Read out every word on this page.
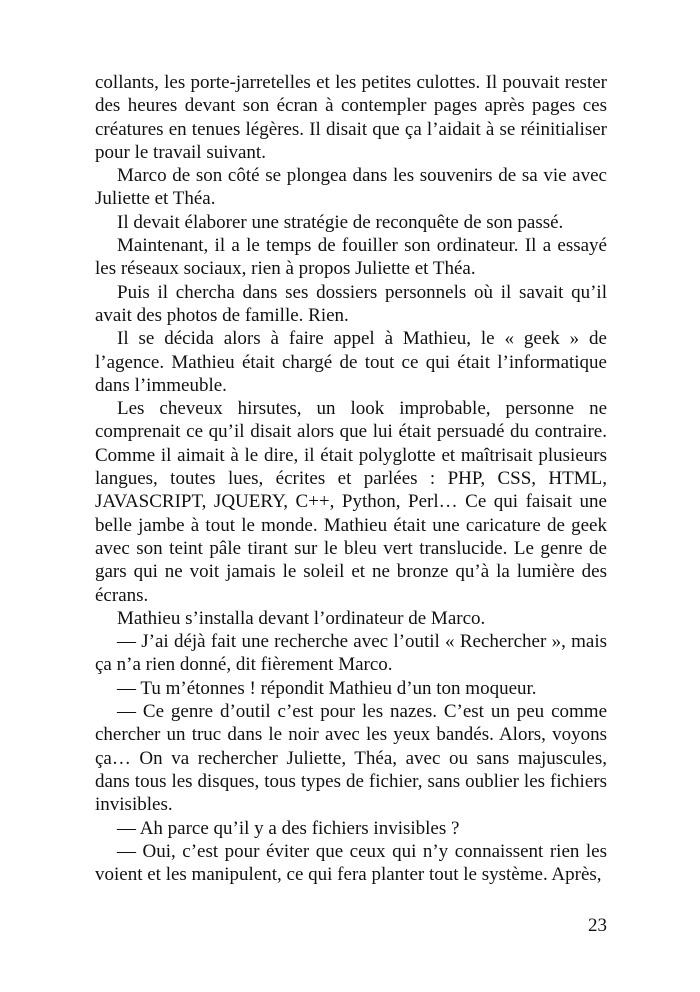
collants, les porte-jarretelles et les petites culottes. Il pouvait rester des heures devant son écran à contempler pages après pages ces créatures en tenues légères. Il disait que ça l’aidait à se réinitialiser pour le travail suivant.

Marco de son côté se plongea dans les souvenirs de sa vie avec Juliette et Théa.

Il devait élaborer une stratégie de reconquête de son passé.

Maintenant, il a le temps de fouiller son ordinateur. Il a essayé les réseaux sociaux, rien à propos Juliette et Théa.

Puis il chercha dans ses dossiers personnels où il savait qu’il avait des photos de famille. Rien.

Il se décida alors à faire appel à Mathieu, le « geek » de l’agence. Mathieu était chargé de tout ce qui était l’informatique dans l’immeuble.

Les cheveux hirsutes, un look improbable, personne ne comprenait ce qu’il disait alors que lui était persuadé du contraire. Comme il aimait à le dire, il était polyglotte et maîtrisait plusieurs langues, toutes lues, écrites et parlées : PHP, CSS, HTML, JAVASCRIPT, JQUERY, C++, Python, Perl… Ce qui faisait une belle jambe à tout le monde. Mathieu était une caricature de geek avec son teint pâle tirant sur le bleu vert translucide. Le genre de gars qui ne voit jamais le soleil et ne bronze qu’à la lumière des écrans.

Mathieu s’installa devant l’ordinateur de Marco.

— J’ai déjà fait une recherche avec l’outil « Rechercher », mais ça n’a rien donné, dit fièrement Marco.

— Tu m’étonnes ! répondit Mathieu d’un ton moqueur.

— Ce genre d’outil c’est pour les nazes. C’est un peu comme chercher un truc dans le noir avec les yeux bandés. Alors, voyons ça… On va rechercher Juliette, Théa, avec ou sans majuscules, dans tous les disques, tous types de fichier, sans oublier les fichiers invisibles.

— Ah parce qu’il y a des fichiers invisibles ?

— Oui, c’est pour éviter que ceux qui n’y connaissent rien les voient et les manipulent, ce qui fera planter tout le système. Après,

23
